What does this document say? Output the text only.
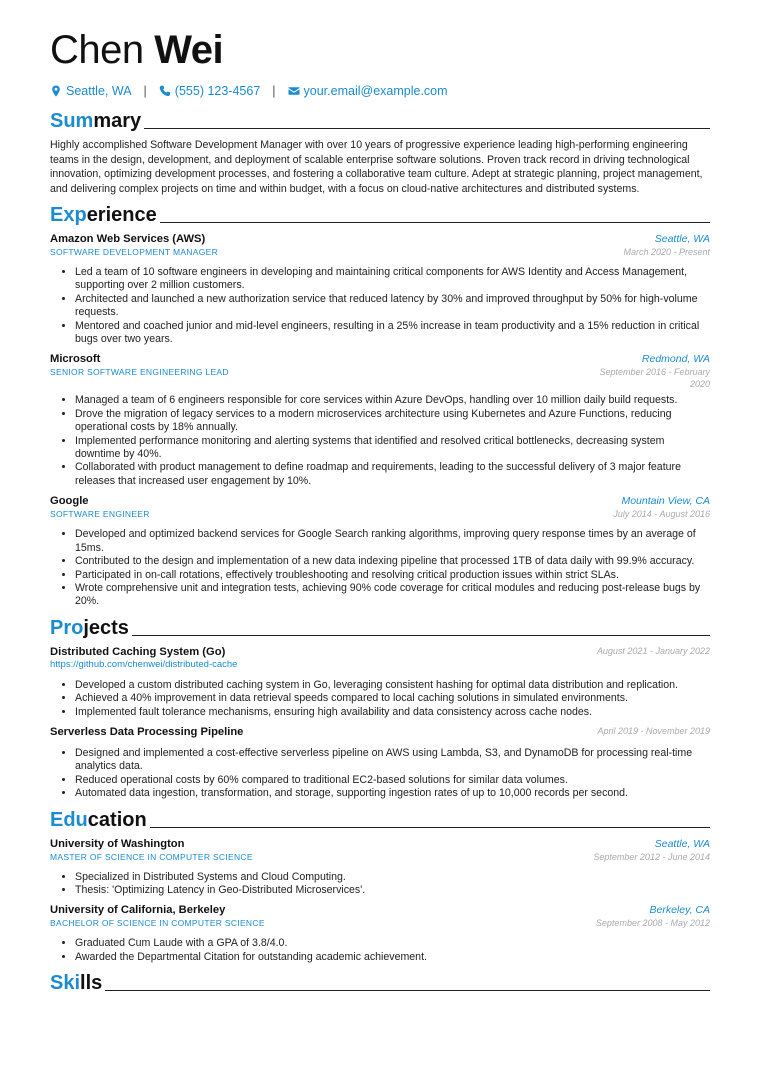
Chen Wei
Seattle, WA | (555) 123-4567 | your.email@example.com
Summary
Highly accomplished Software Development Manager with over 10 years of progressive experience leading high-performing engineering teams in the design, development, and deployment of scalable enterprise software solutions. Proven track record in driving technological innovation, optimizing development processes, and fostering a collaborative team culture. Adept at strategic planning, project management, and delivering complex projects on time and within budget, with a focus on cloud-native architectures and distributed systems.
Experience
Amazon Web Services (AWS)	Seattle, WA
SOFTWARE DEVELOPMENT MANAGER	March 2020 - Present
• Led a team of 10 software engineers in developing and maintaining critical components for AWS Identity and Access Management, supporting over 2 million customers.
• Architected and launched a new authorization service that reduced latency by 30% and improved throughput by 50% for high-volume requests.
• Mentored and coached junior and mid-level engineers, resulting in a 25% increase in team productivity and a 15% reduction in critical bugs over two years.
Microsoft	Redmond, WA
SENIOR SOFTWARE ENGINEERING LEAD	September 2016 - February 2020
• Managed a team of 6 engineers responsible for core services within Azure DevOps, handling over 10 million daily build requests.
• Drove the migration of legacy services to a modern microservices architecture using Kubernetes and Azure Functions, reducing operational costs by 18% annually.
• Implemented performance monitoring and alerting systems that identified and resolved critical bottlenecks, decreasing system downtime by 40%.
• Collaborated with product management to define roadmap and requirements, leading to the successful delivery of 3 major feature releases that increased user engagement by 10%.
Google	Mountain View, CA
SOFTWARE ENGINEER	July 2014 - August 2016
• Developed and optimized backend services for Google Search ranking algorithms, improving query response times by an average of 15ms.
• Contributed to the design and implementation of a new data indexing pipeline that processed 1TB of data daily with 99.9% accuracy.
• Participated in on-call rotations, effectively troubleshooting and resolving critical production issues within strict SLAs.
• Wrote comprehensive unit and integration tests, achieving 90% code coverage for critical modules and reducing post-release bugs by 20%.
Projects
Distributed Caching System (Go)	August 2021 - January 2022
https://github.com/chenwei/distributed-cache
• Developed a custom distributed caching system in Go, leveraging consistent hashing for optimal data distribution and replication.
• Achieved a 40% improvement in data retrieval speeds compared to local caching solutions in simulated environments.
• Implemented fault tolerance mechanisms, ensuring high availability and data consistency across cache nodes.
Serverless Data Processing Pipeline	April 2019 - November 2019
• Designed and implemented a cost-effective serverless pipeline on AWS using Lambda, S3, and DynamoDB for processing real-time analytics data.
• Reduced operational costs by 60% compared to traditional EC2-based solutions for similar data volumes.
• Automated data ingestion, transformation, and storage, supporting ingestion rates of up to 10,000 records per second.
Education
University of Washington	Seattle, WA
MASTER OF SCIENCE IN COMPUTER SCIENCE	September 2012 - June 2014
• Specialized in Distributed Systems and Cloud Computing.
• Thesis: 'Optimizing Latency in Geo-Distributed Microservices'.
University of California, Berkeley	Berkeley, CA
BACHELOR OF SCIENCE IN COMPUTER SCIENCE	September 2008 - May 2012
• Graduated Cum Laude with a GPA of 3.8/4.0.
• Awarded the Departmental Citation for outstanding academic achievement.
Skills
